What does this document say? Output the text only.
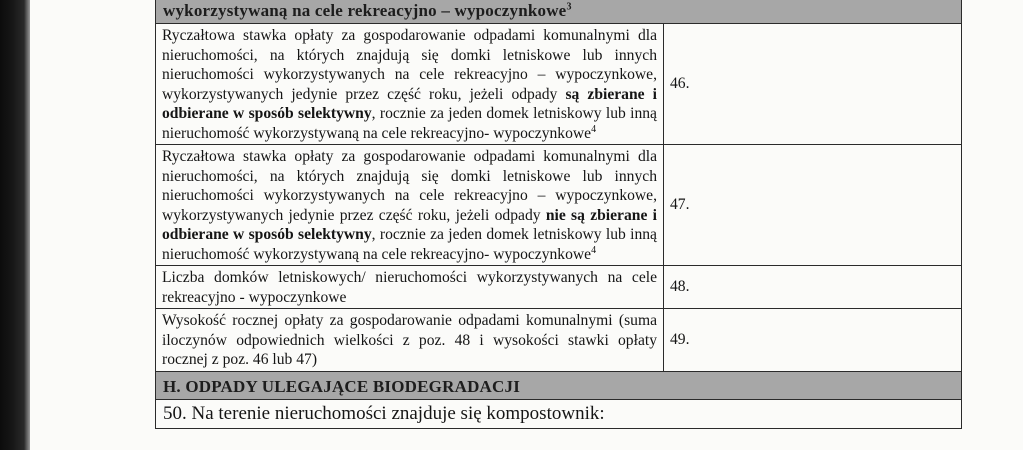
wykorzystywaną na cele rekreacyjno – wypoczynkowe$^3$
Ryczałtowa stawka opłaty za gospodarowanie odpadami komunalnymi dla nieruchomości, na których znajdują się domki letniskowe lub innych nieruchomości wykorzystywanych na cele rekreacyjno – wypoczynkowe, wykorzystywanych jedynie przez część roku, jeżeli odpady są zbierane i odbierane w sposób selektywny, rocznie za jeden domek letniskowy lub inną nieruchomość wykorzystywaną na cele rekreacyjno- wypoczynkowe$^4$	46.
Ryczałtowa stawka opłaty za gospodarowanie odpadami komunalnymi dla nieruchomości, na których znajdują się domki letniskowe lub innych nieruchomości wykorzystywanych na cele rekreacyjno – wypoczynkowe, wykorzystywanych jedynie przez część roku, jeżeli odpady nie są zbierane i odbierane w sposób selektywny, rocznie za jeden domek letniskowy lub inną nieruchomość wykorzystywaną na cele rekreacyjno- wypoczynkowe$^4$	47.
Liczba domków letniskowych/ nieruchomości wykorzystywanych na cele rekreacyjno - wypoczynkowe	48.
Wysokość rocznej opłaty za gospodarowanie odpadami komunalnymi (suma iloczynów odpowiednich wielkości z poz. 48 i wysokości stawki opłaty rocznej z poz. 46 lub 47)	49.
H. ODPADY ULEGAJĄCE BIODEGRADACJI	
50. Na terenie nieruchomości znajduje się kompostownik:	
